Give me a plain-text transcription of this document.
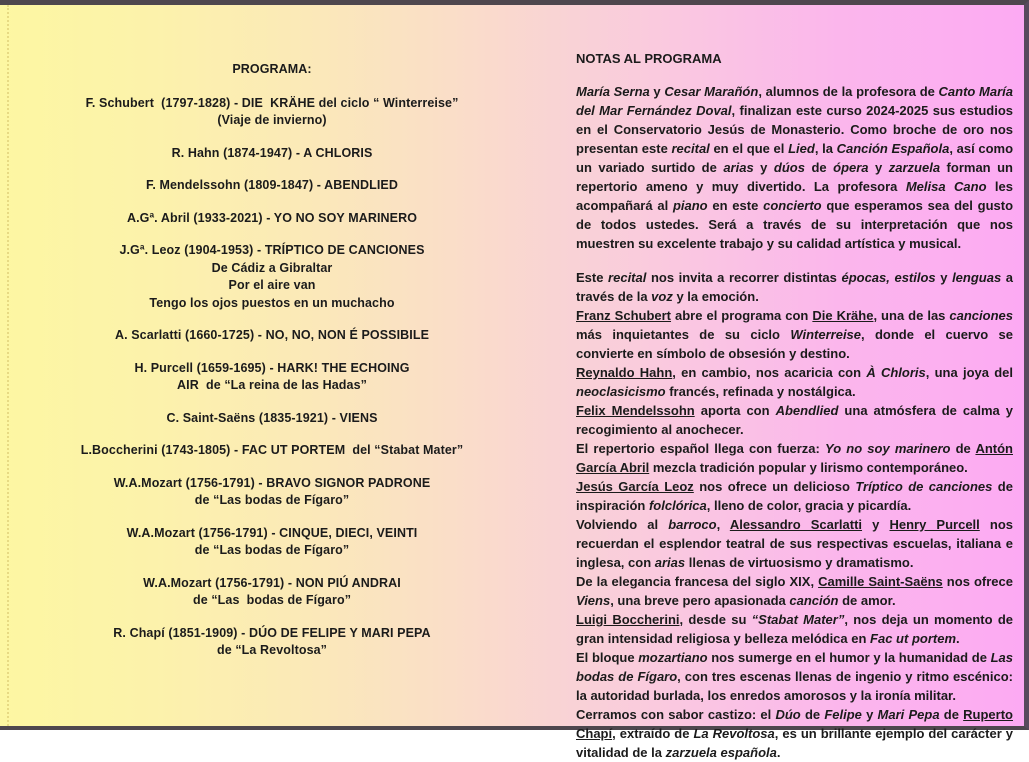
PROGRAMA:
F. Schubert  (1797-1828) - DIE  KRÄHE del ciclo “ Winterreise”
(Viaje de invierno)
R. Hahn (1874-1947) - A CHLORIS
F. Mendelssohn (1809-1847) - ABENDLIED
A.Gª. Abril (1933-2021) - YO NO SOY MARINERO
J.Gª. Leoz (1904-1953) - TRÍPTICO DE CANCIONES
De Cádiz a Gibraltar
Por el aire van
Tengo los ojos puestos en un muchacho
A. Scarlatti (1660-1725) - NO, NO, NON É POSSIBILE
H. Purcell (1659-1695) - HARK! THE ECHOING
AIR  de “La reina de las Hadas”
C. Saint-Saëns (1835-1921) - VIENS
L.Boccherini (1743-1805) - FAC UT PORTEM  del “Stabat Mater”
W.A.Mozart (1756-1791) - BRAVO SIGNOR PADRONE
de “Las bodas de Fígaro”
W.A.Mozart (1756-1791) - CINQUE, DIECI, VEINTI
de “Las bodas de Fígaro”
W.A.Mozart (1756-1791) - NON PIÚ ANDRAI
de “Las  bodas de Fígaro”
R. Chapí (1851-1909) - DÚO DE FELIPE Y MARI PEPA
de “La Revoltosa”
NOTAS AL PROGRAMA

María Serna y Cesar Marañón, alumnos de la profesora de Canto María del Mar Fernández Doval, finalizan este curso 2024-2025 sus estudios en el Conservatorio Jesús de Monasterio. Como broche de oro nos presentan este recital en el que el Lied, la Canción Española, así como un variado surtido de arias y dúos de ópera y zarzuela forman un repertorio ameno y muy divertido. La profesora Melisa Cano les acompañará al piano en este concierto que esperamos sea del gusto de todos ustedes. Será a través de su interpretación que nos muestren su excelente trabajo y su calidad artística y musical.

Este recital nos invita a recorrer distintas épocas, estilos y lenguas a través de la voz y la emoción.

Franz Schubert abre el programa con Die Krähe, una de las canciones más inquietantes de su ciclo Winterreise, donde el cuervo se convierte en símbolo de obsesión y destino.

Reynaldo Hahn, en cambio, nos acaricia con À Chloris, una joya del neoclasicismo francés, refinada y nostálgica.

Felix Mendelssohn aporta con Abendlied una atmósfera de calma y recogimiento al anochecer.

El repertorio español llega con fuerza: Yo no soy marinero de Antón García Abril mezcla tradición popular y lirismo contemporáneo.

Jesús García Leoz nos ofrece un delicioso Tríptico de canciones de inspiración folclórica, lleno de color, gracia y picardía.

Volviendo al barroco, Alessandro Scarlatti y Henry Purcell nos recuerdan el esplendor teatral de sus respectivas escuelas, italiana e inglesa, con arias llenas de virtuosismo y dramatismo.

De la elegancia francesa del siglo XIX, Camille Saint-Saëns nos ofrece Viens, una breve pero apasionada canción de amor.

Luigi Boccherini, desde su “Stabat Mater”, nos deja un momento de gran intensidad religiosa y belleza melódica en Fac ut portem.

El bloque mozartiano nos sumerge en el humor y la humanidad de Las bodas de Fígaro, con tres escenas llenas de ingenio y ritmo escénico: la autoridad burlada, los enredos amorosos y la ironía militar.

Cerramos con sabor castizo: el Dúo de Felipe y Mari Pepa de Ruperto Chapí, extraído de La Revoltosa, es un brillante ejemplo del carácter y vitalidad de la zarzuela española.
